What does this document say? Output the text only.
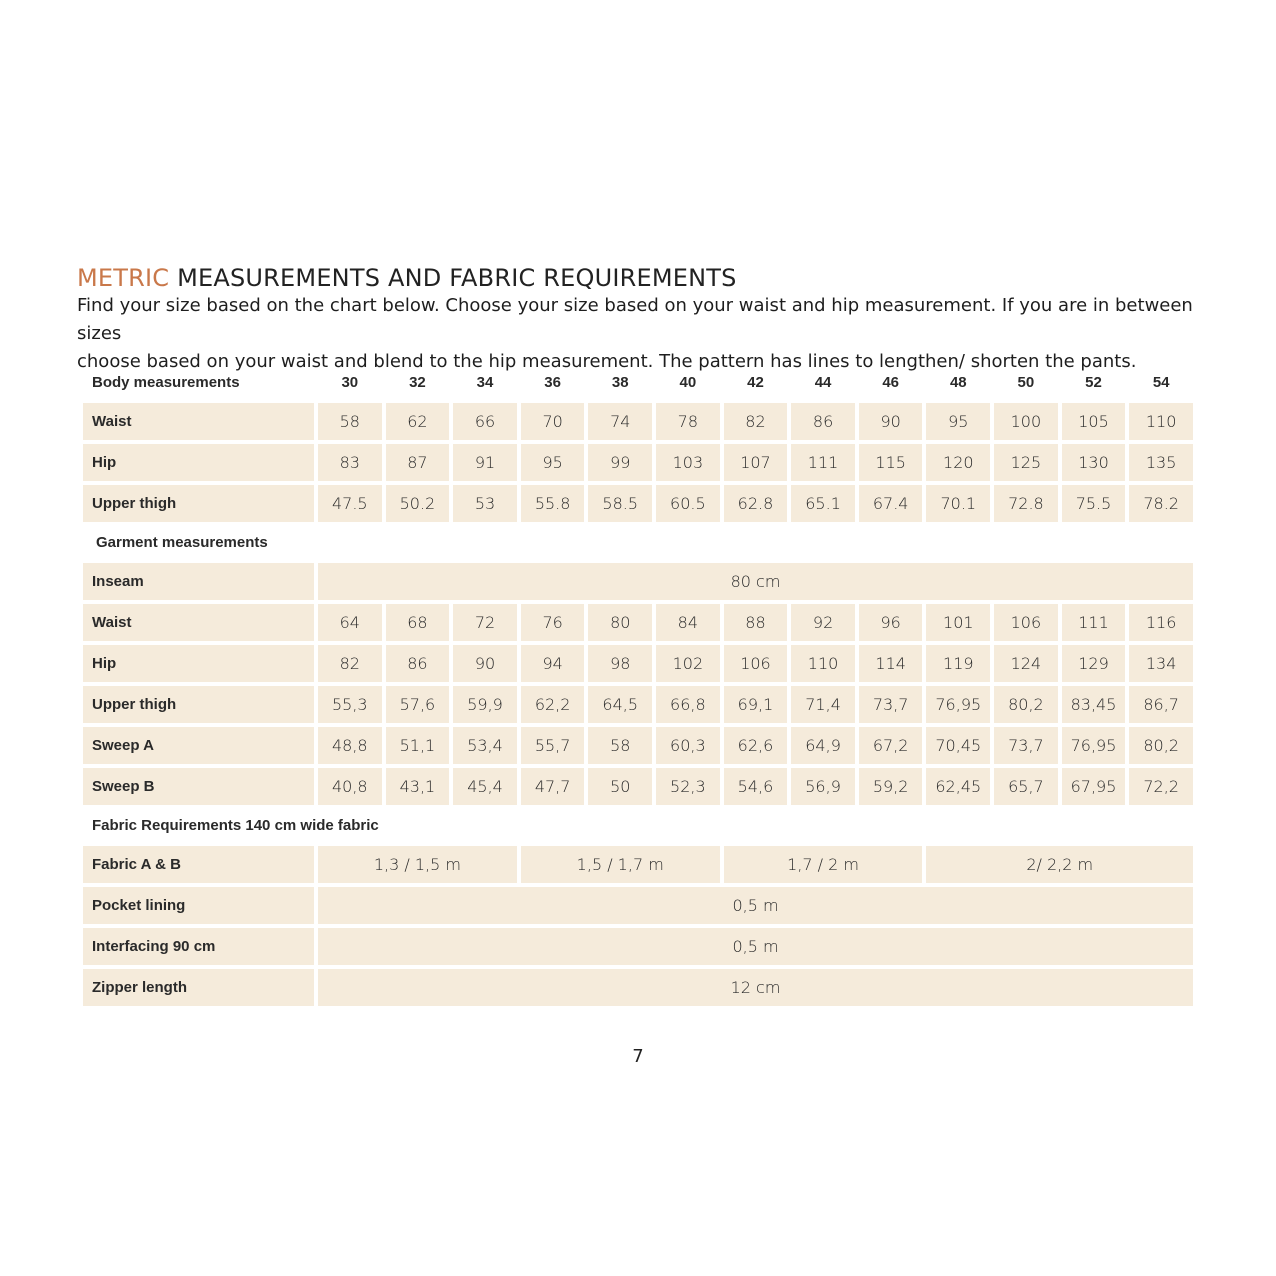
METRIC MEASUREMENTS AND FABRIC REQUIREMENTS

Find your size based on the chart below. Choose your size based on your waist and hip measurement. If you are in between sizes

choose based on your waist and blend to the hip measurement. The pattern has lines to lengthen/ shorten the pants.

Body measurements	30	32	34	36	38	40	42	44	46	48	50	52	54
Waist	58	62	66	70	74	78	82	86	90	95	100	105	110
Hip	83	87	91	95	99	103	107	111	115	120	125	130	135
Upper thigh	47.5	50.2	53	55.8	58.5	60.5	62.8	65.1	67.4	70.1	72.8	75.5	78.2
Garment measurements													
Inseam	80 cm												
Waist	64	68	72	76	80	84	88	92	96	101	106	111	116
Hip	82	86	90	94	98	102	106	110	114	119	124	129	134
Upper thigh	55,3	57,6	59,9	62,2	64,5	66,8	69,1	71,4	73,7	76,95	80,2	83,45	86,7
Sweep A	48,8	51,1	53,4	55,7	58	60,3	62,6	64,9	67,2	70,45	73,7	76,95	80,2
Sweep B	40,8	43,1	45,4	47,7	50	52,3	54,6	56,9	59,2	62,45	65,7	67,95	72,2
Fabric Requirements 140 cm wide fabric													
Fabric A & B	1,3 / 1,5 m			1,5 / 1,7 m			1,7 / 2 m			2/ 2,2 m			
Pocket lining	0,5 m												
Interfacing 90 cm	0,5 m												
Zipper length	12 cm												
7
